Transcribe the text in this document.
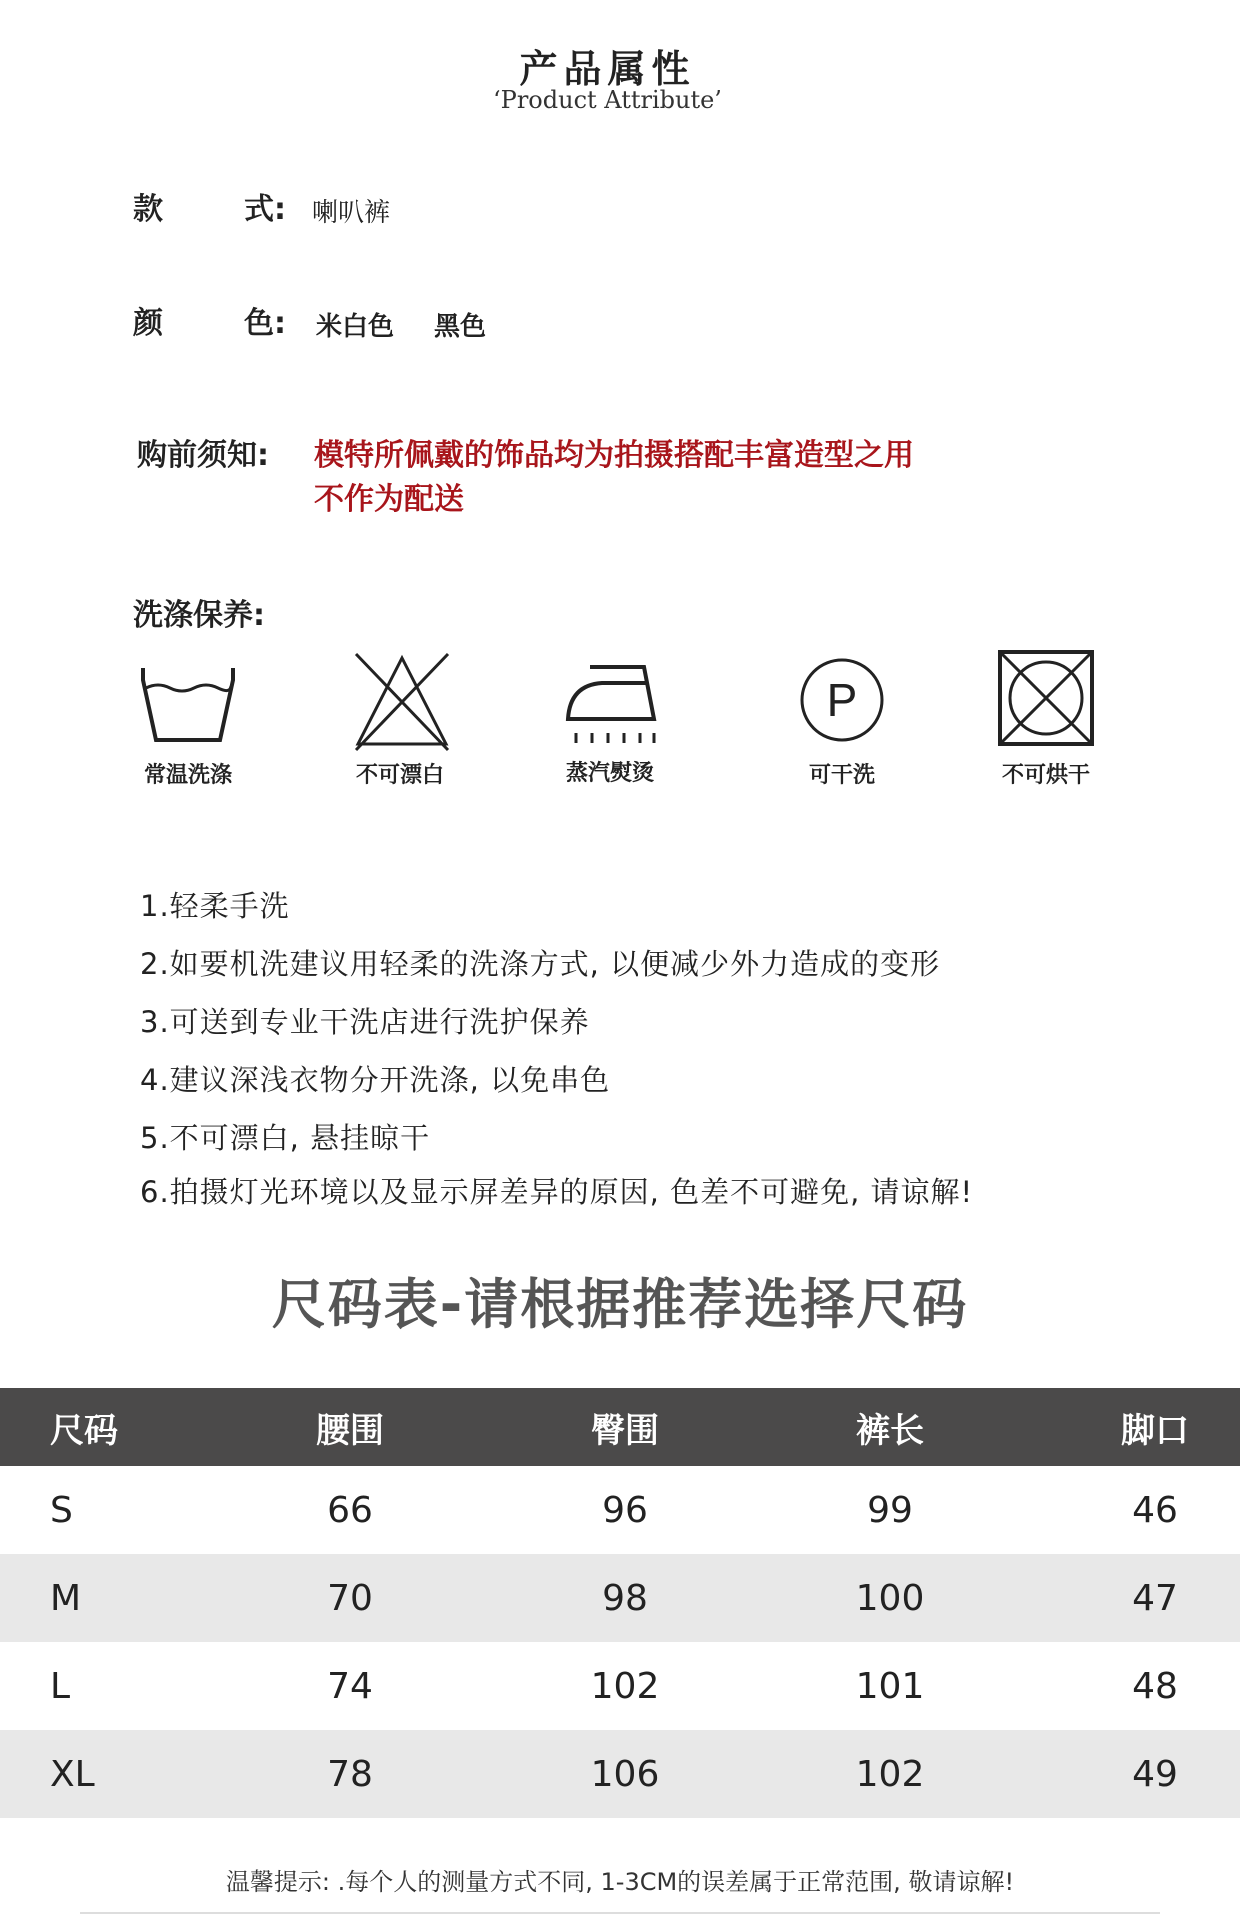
产品属性
‘Product Attribute’
款	式: 喇叭裤
颜	色: 米白色 黑色
购前须知: 模特所佩戴的饰品均为拍摄搭配丰富造型之用
不作为配送
洗涤保养:
常温洗涤	不可漂白	蒸汽熨烫
P
可干洗	不可烘干
1.轻柔手洗
2.如要机洗建议用轻柔的洗涤方式, 以便减少外力造成的变形
3.可送到专业干洗店进行洗护保养
4.建议深浅衣物分开洗涤, 以免串色
5.不可漂白, 悬挂晾干
6.拍摄灯光环境以及显示屏差异的原因, 色差不可避免, 请谅解!
尺码表-请根据推荐选择尺码
尺码	腰围	臀围	裤长	脚口
S	66	96	99	46
M	70	98	100	47
L	74	102	101	48
XL	78	106	102	49
温馨提示: .每个人的测量方式不同, 1-3CM的误差属于正常范围, 敬请谅解!
